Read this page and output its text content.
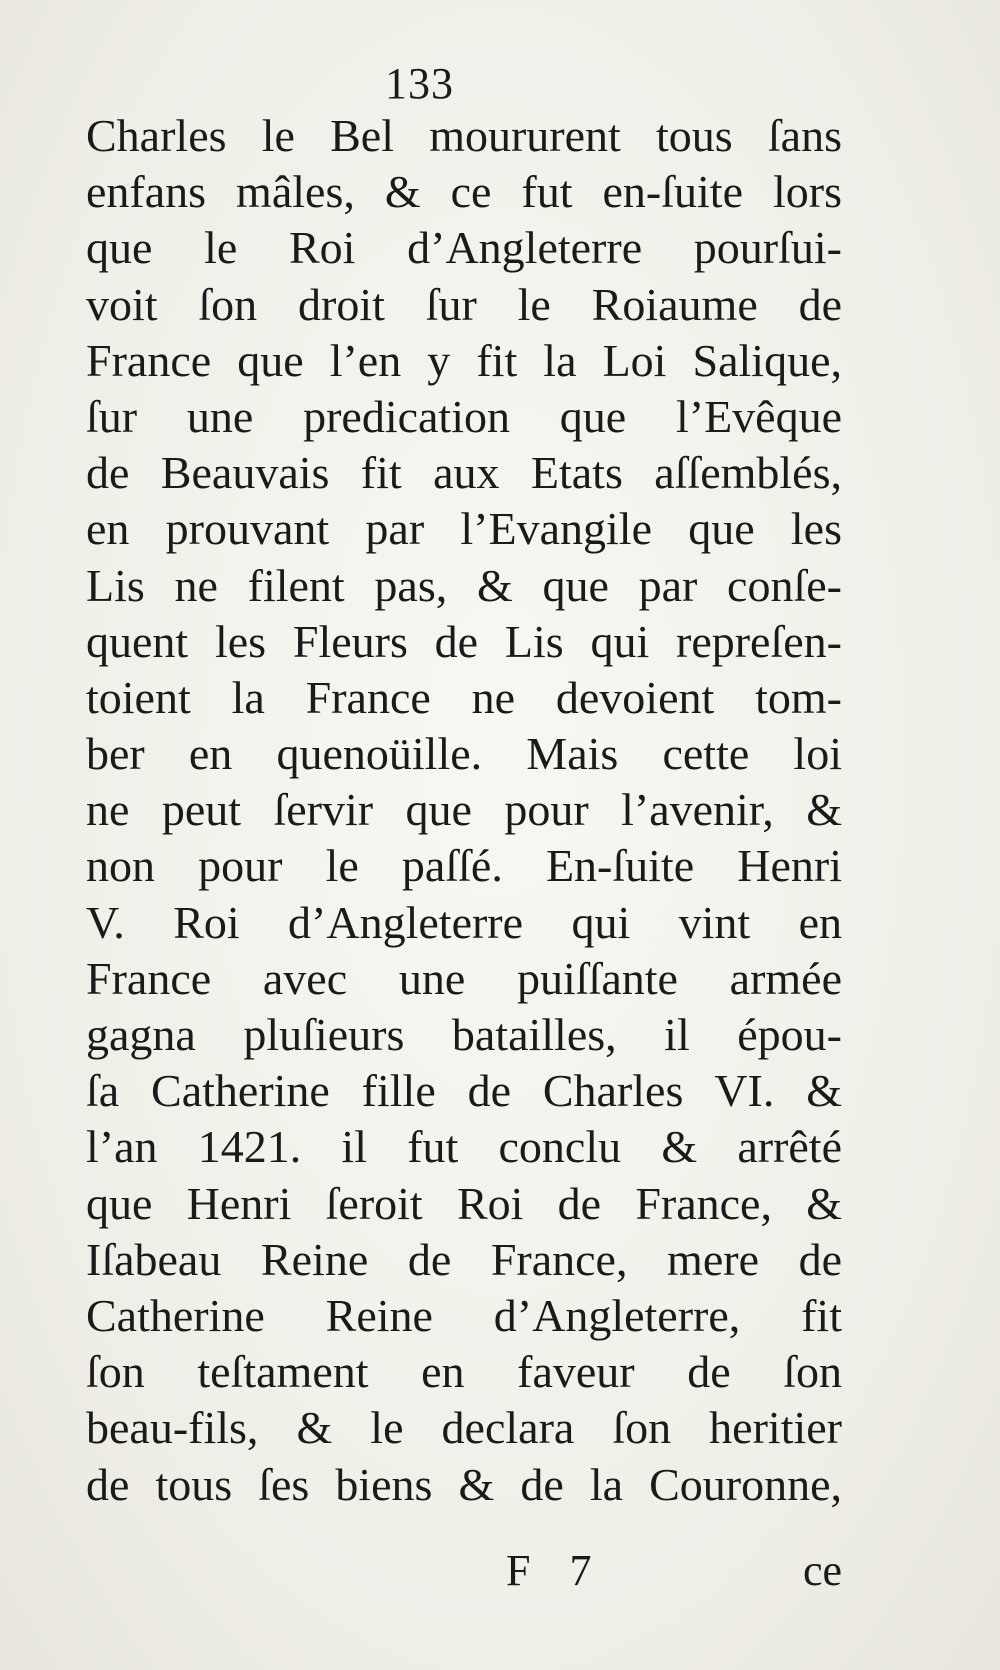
133
Charles le Bel moururent tous ſans
enfans mâles, & ce fut en-ſuite lors
que le Roi d’Angleterre pourſui-
voit ſon droit ſur le Roiaume de
France que l’en y fit la Loi Salique,
ſur une predication que l’Evêque
de Beauvais fit aux Etats aſſemblés,
en prouvant par l’Evangile que les
Lis ne filent pas, & que par conſe-
quent les Fleurs de Lis qui repreſen-
toient la France ne devoient tom-
ber en quenoüille. Mais cette loi
ne peut ſervir que pour l’avenir, &
non pour le paſſé. En-ſuite Henri
V. Roi d’Angleterre qui vint en
France avec une puiſſante armée
gagna pluſieurs batailles, il épou-
ſa Catherine fille de Charles VI. &
l’an 1421. il fut conclu & arrêté
que Henri ſeroit Roi de France, &
Iſabeau Reine de France, mere de
Catherine Reine d’Angleterre, fit
ſon teſtament en faveur de ſon
beau-fils, & le declara ſon heritier
de tous ſes biens & de la Couronne,
F 7	ce
